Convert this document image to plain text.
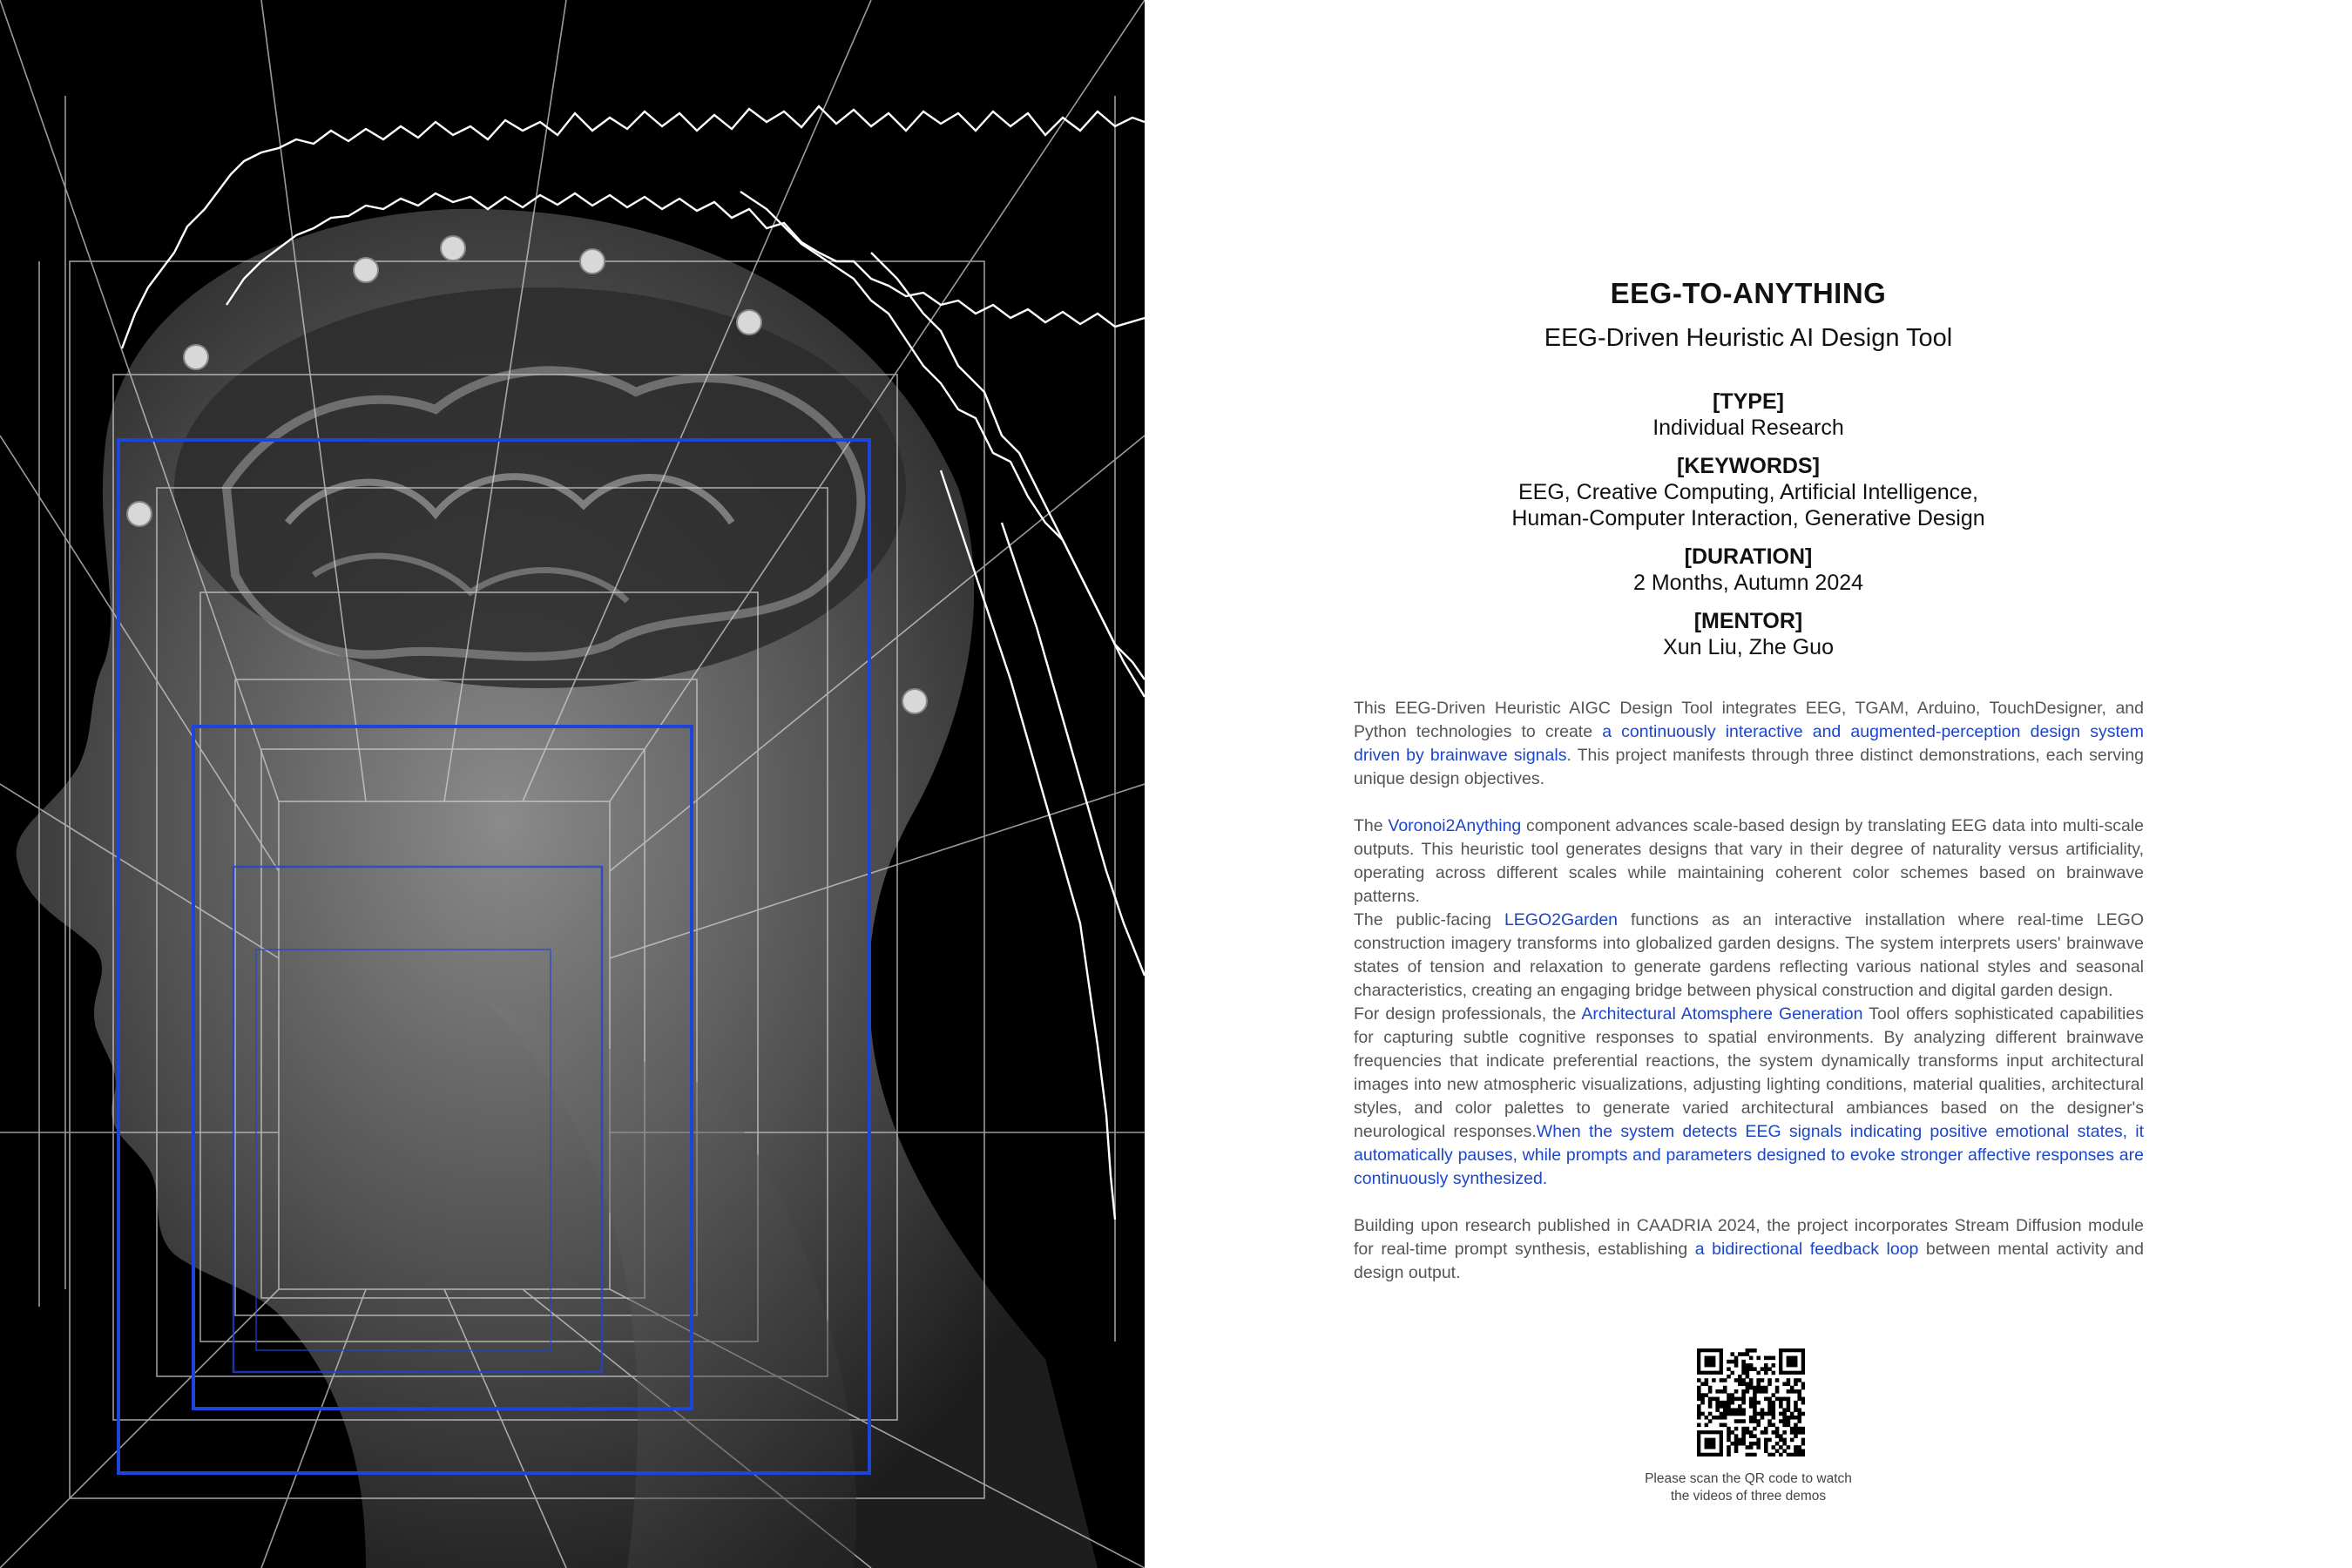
EEG-TO-ANYTHING
EEG-Driven Heuristic AI Design Tool
[TYPE]
Individual Research
[KEYWORDS]
EEG, Creative Computing, Artificial Intelligence,
Human-Computer Interaction, Generative Design
[DURATION]
2 Months, Autumn 2024
[MENTOR]
Xun Liu, Zhe Guo

This EEG-Driven Heuristic AIGC Design Tool integrates EEG, TGAM, Arduino, TouchDesigner, and Python technologies to create a continuously interactive and augmented-perception design system driven by brainwave signals. This project manifests through three distinct demonstrations, each serving unique design objectives.

The Voronoi2Anything component advances scale-based design by translating EEG data into multi-scale outputs. This heuristic tool generates designs that vary in their degree of naturality versus artificiality, operating across different scales while maintaining coherent color schemes based on brainwave patterns.

The public-facing LEGO2Garden functions as an interactive installation where real-time LEGO construction imagery transforms into globalized garden designs. The system interprets users' brainwave states of tension and relaxation to generate gardens reflecting various national styles and seasonal characteristics, creating an engaging bridge between physical construction and digital garden design.

For design professionals, the Architectural Atomsphere Generation Tool offers sophisticated capabilities for capturing subtle cognitive responses to spatial environments. By analyzing different brainwave frequencies that indicate preferential reactions, the system dynamically transforms input architectural images into new atmospheric visualizations, adjusting lighting conditions, material qualities, architectural styles, and color palettes to generate varied architectural ambiances based on the designer's neurological responses.When the system detects EEG signals indicating positive emotional states, it automatically pauses, while prompts and parameters designed to evoke stronger affective responses are continuously synthesized.

Building upon research published in CAADRIA 2024, the project incorporates Stream Diffusion module for real-time prompt synthesis, establishing a bidirectional feedback loop between mental activity and design output.

Please scan the QR code to watch
the videos of three demos
